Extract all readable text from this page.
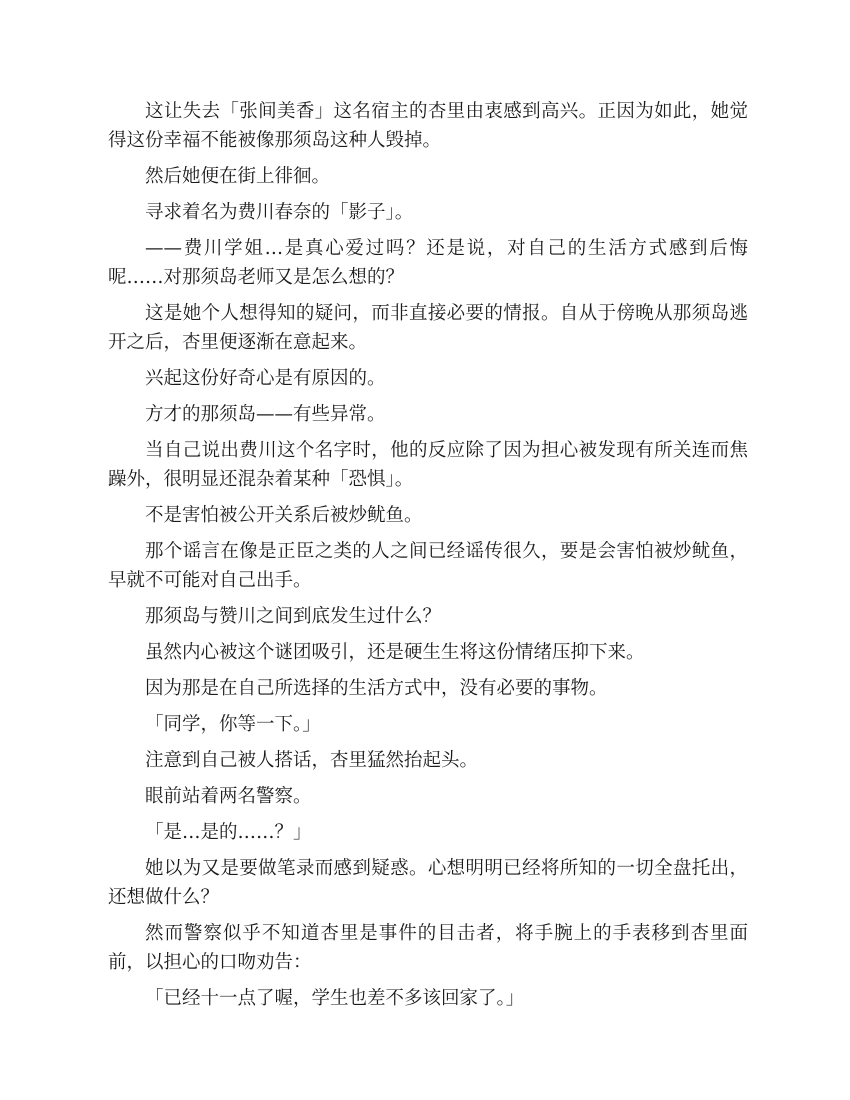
这让失去「张间美香」这名宿主的杏里由衷感到高兴。正因为如此，她觉得这份幸福不能被像那须岛这种人毁掉。

然后她便在街上徘徊。

寻求着名为费川春奈的「影子」。

——费川学姐…是真心爱过吗？还是说，对自己的生活方式感到后悔呢……对那须岛老师又是怎么想的？

这是她个人想得知的疑问，而非直接必要的情报。自从于傍晚从那须岛逃开之后，杏里便逐渐在意起来。

兴起这份好奇心是有原因的。

方才的那须岛——有些异常。

当自己说出费川这个名字时，他的反应除了因为担心被发现有所关连而焦躁外，很明显还混杂着某种「恐惧」。

不是害怕被公开关系后被炒鱿鱼。

那个谣言在像是正臣之类的人之间已经谣传很久，要是会害怕被炒鱿鱼，早就不可能对自己出手。

那须岛与赞川之间到底发生过什么？

虽然内心被这个谜团吸引，还是硬生生将这份情绪压抑下来。

因为那是在自己所选择的生活方式中，没有必要的事物。

「同学，你等一下。」

注意到自己被人搭话，杏里猛然抬起头。

眼前站着两名警察。

「是…是的……？」

她以为又是要做笔录而感到疑惑。心想明明已经将所知的一切全盘托出，还想做什么？

然而警察似乎不知道杏里是事件的目击者，将手腕上的手表移到杏里面前，以担心的口吻劝告：

「已经十一点了喔，学生也差不多该回家了。」
